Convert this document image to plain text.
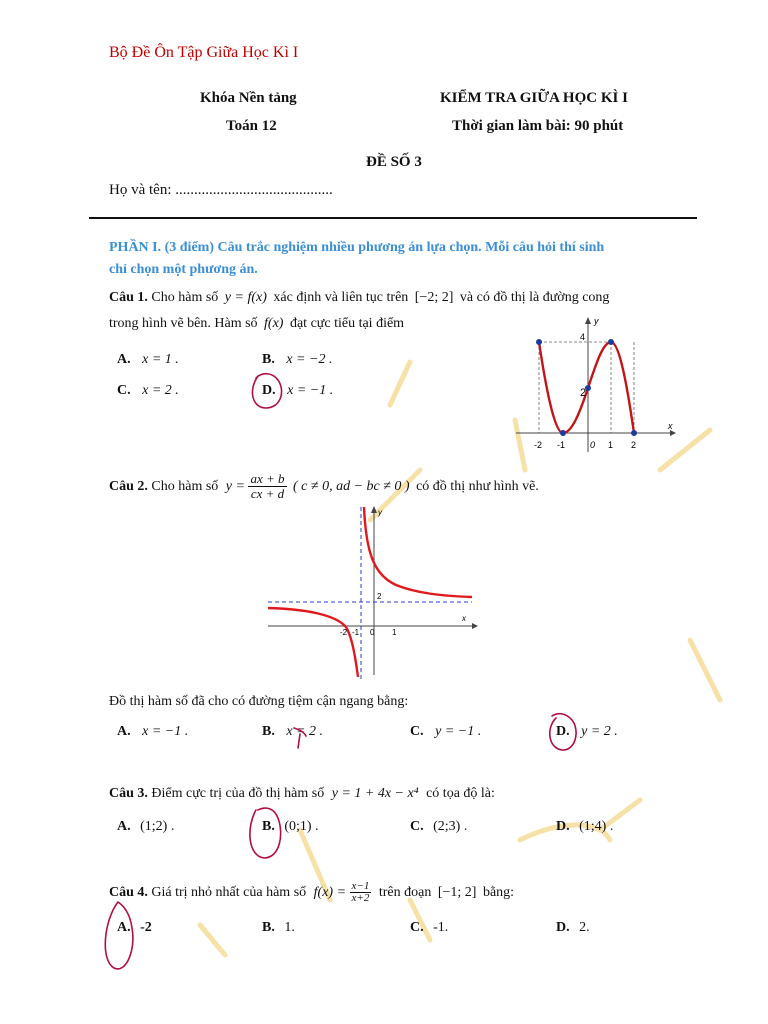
Bộ Đề Ôn Tập Giữa Học Kì I
Khóa Nền tảng
Toán 12
KIỂM TRA GIỮA HỌC KÌ I
Thời gian làm bài: 90 phút
ĐỀ SỐ 3
Họ và tên: ..........................................
PHẦN I. (3 điểm) Câu trắc nghiệm nhiều phương án lựa chọn. Mỗi câu hỏi thí sinh
chỉ chọn một phương án.
Câu 1. Cho hàm số y = f(x) xác định và liên tục trên [−2; 2] và có đồ thị là đường cong
trong hình vẽ bên. Hàm số f(x) đạt cực tiểu tại điểm
A. x = 1 .	B. x = −2 .
C. x = 2 .	D. x = −1 .
y
x
4
2
-2 -1	0 1 2
Câu 2. Cho hàm số $y = \frac{ax + b}{cx + d}$ ( c ≠ 0, ad − bc ≠ 0 ) có đồ thị như hình vẽ.
y
x
2
-2 -1 0 1
Đồ thị hàm số đã cho có đường tiệm cận ngang bằng:
A. x = −1 .	B. x = 2 .	C. y = −1 .	D. y = 2 .
Câu 3. Điểm cực trị của đồ thị hàm số y = 1 + 4x − x⁴ có tọa độ là:
A. (1;2) .	B. (0;1) .	C. (2;3) .	D. (1;4) .
Câu 4. Giá trị nhỏ nhất của hàm số $f(x) = \frac{x-1}{x+2}$ trên đoạn [−1; 2] bằng:
A. -2	B. 1.	C. -1.	D. 2.
